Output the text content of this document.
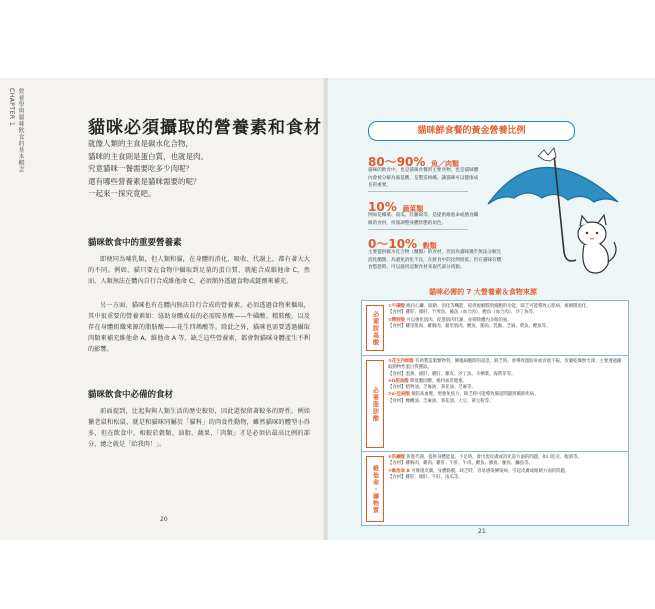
CHAPTER 1 營養學與貓咪飲食的基本概念	貓咪必須攝取的營養素和食材
就像人類的主食是碳水化合物，
貓咪的主食則是蛋白質，也就是肉。
究竟貓咪一餐需要吃多少肉呢？
還有哪些營養素是貓咪需要的呢？
一起來一探究竟吧。
貓咪飲食中的重要營養素
即便同為哺乳類，但人類和貓，在身體的消化、吸收、代謝上，都有著大大的不同。例如，貓只要在食物中攝取到足量的蛋白質，就能合成維他命 C，然而，人類無法在體內自行合成維他命 C，必須額外透過食物或錠劑來補充。
另一方面，貓咪也有在體內無法自行合成的營養素，必須透過食物來攝取，其中很重要的營養素如：協助身體成長的必需胺基酸——牛磺酸、精胺酸，以及存在身體組織來源的脂肪酸——花生四烯酸等。除此之外，貓咪也需要透過攝取肉類來補充維他命 A，維他命 A 等，缺乏這些營養素，都會對貓咪身體產生不利的影響。
貓咪飲食中必備的食材
前面提到，比起狗與人類生活的歷史較短，因此還保留著較多的野性，例如獵老鼠和松鼠、就是和貓咪同屬於「貓科」的肉食性動物，雖然貓咪的體型小得多，但在飲食中，相較於穀類、油脂、蔬果，「肉類」才是必須佔最高比例的部分，總之就是「給我肉！」。
20
貓咪鮮食餐的黃金營養比例
80～90% 魚／肉類
貓咪的飲食中，也是貓咪食餐的主要食物，也是貓咪體內會被分解為胺基酸，是製造組織、讓貓咪可以健康成長的重要。
10% 蔬菜類
例如花椰菜、南瓜、紅蘿蔔等，是提供維他命或膳食纖維的食材，扮演調整身體狀態的角色。
0～10% 穀類
主要提供碳水化合物（醣類）的食材，但因為貓咪幾乎無法分解且消化醣類，為避免消化不良，在鮮食中的比例很低；但在貓咪有嚼食慾慾時，可以適用這類食材來取代部分肉類。
貓咪必需的 7 大營養素＆食物來源
必需胺基酸
①牛磺酸 維持心臟、眼睛、消化等機能，提供視網膜與細胞的功能，缺乏可能導致心肌病、視網膜退化。
【食材】雞肝、豬肝、竹筴魚、鮪魚（血合肉）、鰹魚（血合肉）、沙丁魚等。
②精胺酸 可以強化肌肉，促進肌肉代謝，並排除體內多餘的氨。
【食材】雞里肌肉、雞胸肉、豬里肌肉、鰹魚、鮪魚、乳酪、芝麻、柴魚、鰹魚等。
必需脂肪酸
③花生四烯酸 有助製造脂類物質，傳遞細胞間的訊息，缺乏時，會導致脂肪肝或食欲不振，皮膚乾燥無光澤。主要透過攝取動物性蛋白質獲取。
【食材】蛋黃、豬肝、雞肝、雞皮、沙丁魚、羊栖菜、海帶芽等。
④Ω脂油酸 降低膽固醇，維持血管健康。
【食材】植物油、芝麻油、葵花油、芝麻等。
⑤α-亞麻酸 預防高血壓，增強免疫力，缺乏時可能導致腸道問題與關節疾病。
【食材】橄欖油、芝麻油、葵花油、大豆、黃豆粉等。
維他命・礦物質
⑥菸鹼酸 促進代謝，提供身體能量。不足時，會出現皮膚或消化道方面的問題，如口腔炎、腹瀉等。
【食材】雞胸肉、雞肉、雞肝、牛肝、牛肉、鰹魚、鰺魚、鮪魚、鰤魚等。
⑦維他命 A 可修復皮膚，身體黏膜，缺乏時，容易感染傳染病，引起皮膚或眼睛方面的問題。
【食材】雞肝、豬肝、牛肝、南瓜等。
21
